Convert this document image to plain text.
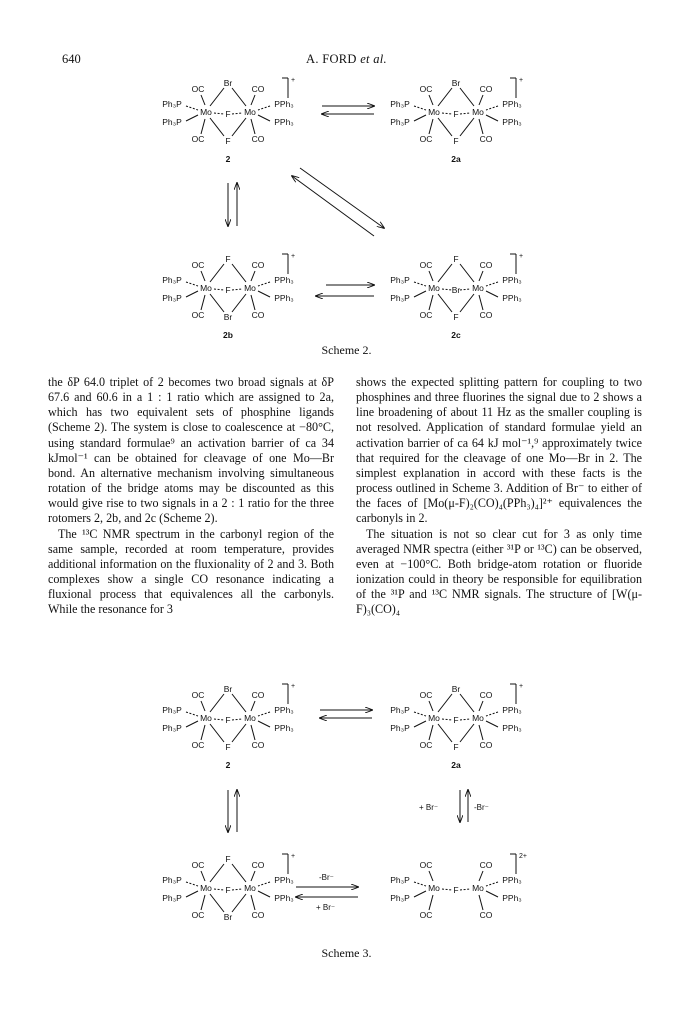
640	A. FORD et al.
Mo	Mo
Br
F
F
OC	CO
OC	CO
Ph₃P
Ph₃P
PPh₃
PPh₃
+
2
Mo	Mo
Br
F
F
OC	CO
OC	CO
Ph₃P
Ph₃P
PPh₃
PPh₃
+
2a
Mo	Mo
F
F
Br
OC	CO
OC	CO
Ph₃P
Ph₃P
PPh₃
PPh₃
+
2b
Mo	Mo
F
Br
F
OC	CO
OC	CO
Ph₃P
Ph₃P
PPh₃
PPh₃
+
2c
Mo	Mo
Br
F
F
OC	CO
OC	CO
Ph₃P
Ph₃P
PPh₃
PPh₃
+
2
Mo	Mo
Br
F
F
OC	CO
OC	CO
Ph₃P
Ph₃P
PPh₃
PPh₃
+
2a
Mo	Mo
F
F
Br
OC	CO
OC	CO
Ph₃P
Ph₃P
PPh₃
PPh₃
+
Mo	Mo
F
OC	CO
OC	CO
Ph₃P
Ph₃P
PPh₃
PPh₃
2+
+ Br⁻	-Br⁻
-Br⁻
+ Br⁻
Scheme 2.

the δP 64.0 triplet of 2 becomes two broad signals at δP 67.6 and 60.6 in a 1 : 1 ratio which are assigned to 2a, which has two equivalent sets of phosphine ligands (Scheme 2). The system is close to coalescence at −80°C, using standard formulae⁹ an activation barrier of ca 34 kJmol⁻¹ can be obtained for cleavage of one Mo—Br bond. An alternative mechanism involving simultaneous rotation of the bridge atoms may be discounted as this would give rise to two signals in a 2 : 1 ratio for the three rotomers 2, 2b, and 2c (Scheme 2).

The ¹³C NMR spectrum in the carbonyl region of the same sample, recorded at room temperature, provides additional information on the fluxionality of 2 and 3. Both complexes show a single CO resonance indicating a fluxional process that equivalences all the carbonyls. While the resonance for 3

shows the expected splitting pattern for coupling to two phosphines and three fluorines the signal due to 2 shows a line broadening of about 11 Hz as the smaller coupling is not resolved. Application of standard formulae yield an activation barrier of ca 64 kJ mol⁻¹,⁹ approximately twice that required for the cleavage of one Mo—Br in 2. The simplest explanation in accord with these facts is the process outlined in Scheme 3. Addition of Br⁻ to either of the faces of [Mo(μ-F)₂(CO)₄(PPh₃)₄]²⁺ equivalences the carbonyls in 2.

The situation is not so clear cut for 3 as only time averaged NMR spectra (either ³¹P or ¹³C) can be observed, even at −100°C. Both bridge-atom rotation or fluoride ionization could in theory be responsible for equilibration of the ³¹P and ¹³C NMR signals. The structure of [W(μ-F)₃(CO)₄

Scheme 3.
